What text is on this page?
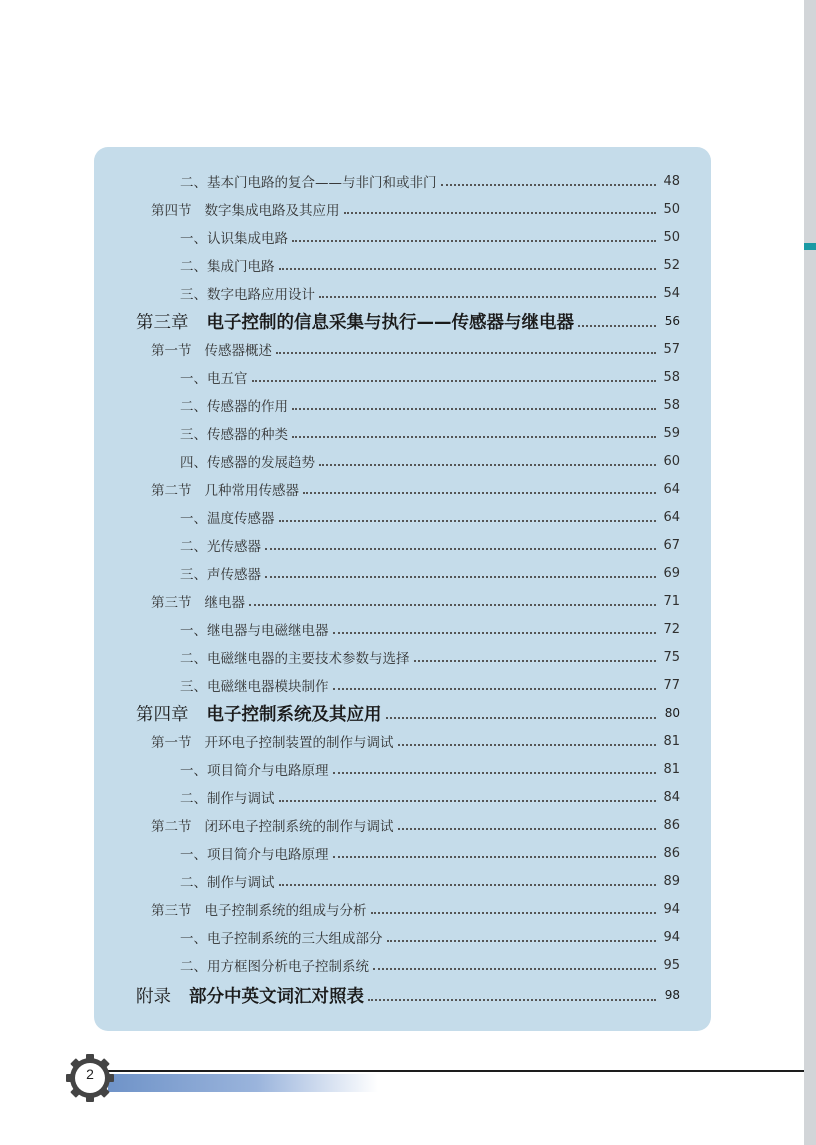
二、基本门电路的复合——与非门和或非门	48
第四节 数字集成电路及其应用	50
一、认识集成电路	50
二、集成门电路	52
三、数字电路应用设计	54
第三章 电子控制的信息采集与执行——传感器与继电器	56
第一节 传感器概述	57
一、电五官	58
二、传感器的作用	58
三、传感器的种类	59
四、传感器的发展趋势	60
第二节 几种常用传感器	64
一、温度传感器	64
二、光传感器	67
三、声传感器	69
第三节 继电器	71
一、继电器与电磁继电器	72
二、电磁继电器的主要技术参数与选择	75
三、电磁继电器模块制作	77
第四章 电子控制系统及其应用	80
第一节 开环电子控制装置的制作与调试	81
一、项目简介与电路原理	81
二、制作与调试	84
第二节 闭环电子控制系统的制作与调试	86
一、项目简介与电路原理	86
二、制作与调试	89
第三节 电子控制系统的组成与分析	94
一、电子控制系统的三大组成部分	94
二、用方框图分析电子控制系统	95
附录 部分中英文词汇对照表	98
2
